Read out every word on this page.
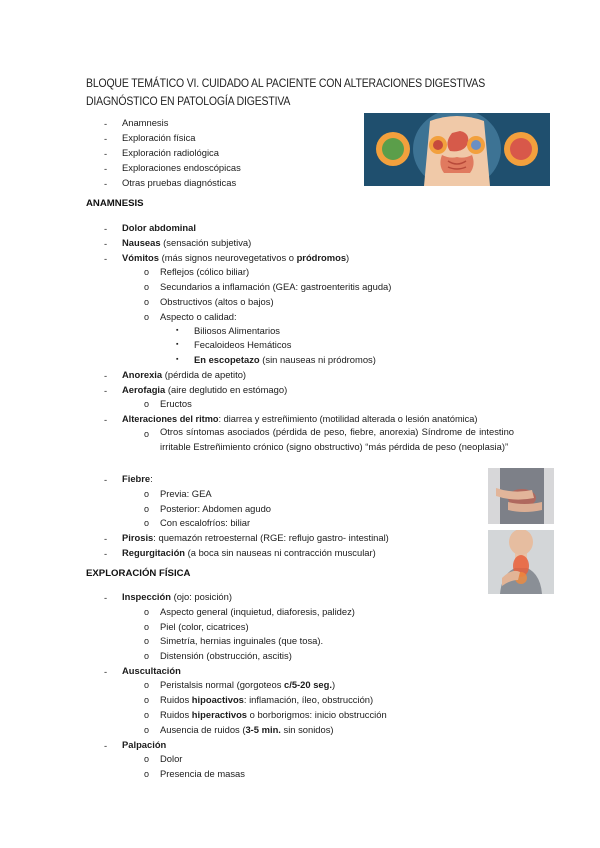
BLOQUE TEMÁTICO VI. CUIDADO AL PACIENTE CON ALTERACIONES DIGESTIVAS
DIAGNÓSTICO EN PATOLOGÍA DIGESTIVA
- Anamnesis
- Exploración física
- Exploración radiológica
- Exploraciones endoscópicas
- Otras pruebas diagnósticas
ANAMNESIS
- Dolor abdominal
- Nauseas (sensación subjetiva)
- Vómitos (más signos neurovegetativos o pródromos)
o Reflejos (cólico biliar)
o Secundarios a inflamación (GEA: gastroenteritis aguda)
o Obstructivos (altos o bajos)
o Aspecto o calidad:
▪ Biliosos Alimentarios
▪ Fecaloideos Hemáticos
▪ En escopetazo (sin nauseas ni pródromos)
- Anorexia (pérdida de apetito)
- Aerofagia (aire deglutido en estómago)
o Eructos
- Alteraciones del ritmo: diarrea y estreñimiento (motilidad alterada o lesión anatómica)
o Otros síntomas asociados (pérdida de peso, fiebre, anorexia) Síndrome de intestino irritable Estreñimiento crónico (signo obstructivo) “más pérdida de peso (neoplasia)”
- Fiebre:
o Previa: GEA
o Posterior: Abdomen agudo
o Con escalofríos: biliar
- Pirosis: quemazón retroesternal (RGE: reflujo gastro- intestinal)
- Regurgitación (a boca sin nauseas ni contracción muscular)
EXPLORACIÓN FÍSICA
- Inspección (ojo: posición)
o Aspecto general (inquietud, diaforesis, palidez)
o Piel (color, cicatrices)
o Simetría, hernias inguinales (que tosa).
o Distensión (obstrucción, ascitis)
- Auscultación
o Peristalsis normal (gorgoteos c/5-20 seg.)
o Ruidos hipoactivos: inflamación, íleo, obstrucción)
o Ruidos hiperactivos o borborigmos: inicio obstrucción
o Ausencia de ruidos (3-5 min. sin sonidos)
- Palpación
o Dolor
o Presencia de masas
